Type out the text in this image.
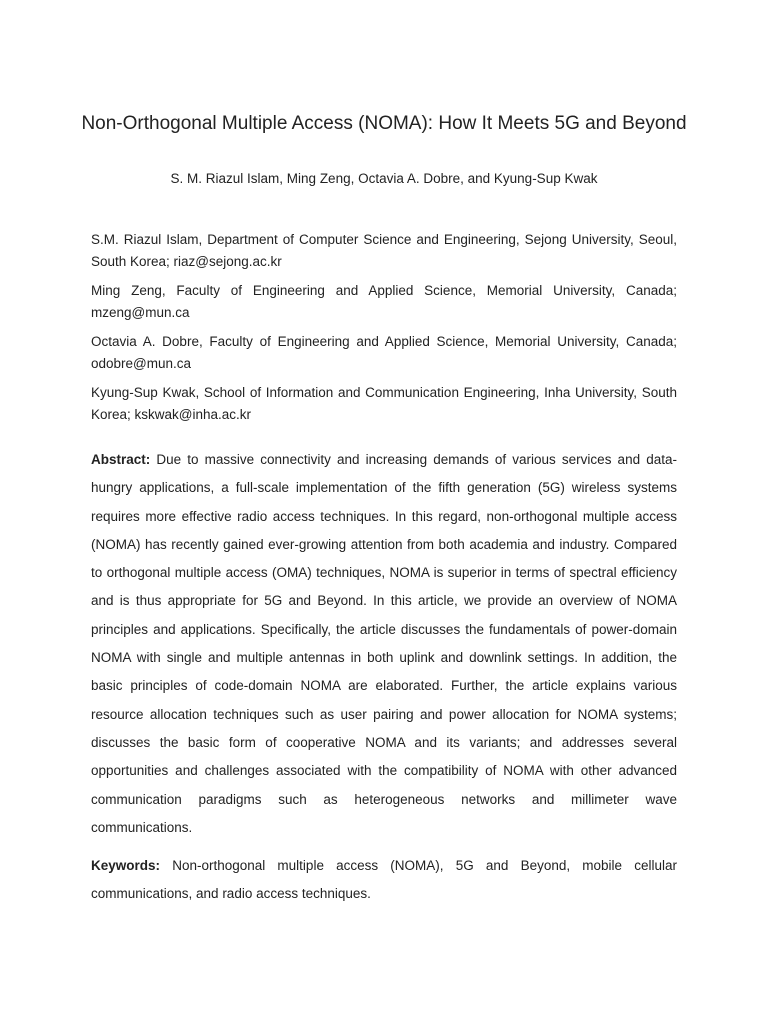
Non-Orthogonal Multiple Access (NOMA): How It Meets 5G and Beyond

S. M. Riazul Islam, Ming Zeng, Octavia A. Dobre, and Kyung-Sup Kwak

S.M. Riazul Islam, Department of Computer Science and Engineering, Sejong University, Seoul, South Korea; riaz@sejong.ac.kr

Ming Zeng, Faculty of Engineering and Applied Science, Memorial University, Canada; mzeng@mun.ca

Octavia A. Dobre, Faculty of Engineering and Applied Science, Memorial University, Canada; odobre@mun.ca

Kyung-Sup Kwak, School of Information and Communication Engineering, Inha University, South Korea; kskwak@inha.ac.kr

Abstract: Due to massive connectivity and increasing demands of various services and data-hungry applications, a full-scale implementation of the fifth generation (5G) wireless systems requires more effective radio access techniques. In this regard, non-orthogonal multiple access (NOMA) has recently gained ever-growing attention from both academia and industry. Compared to orthogonal multiple access (OMA) techniques, NOMA is superior in terms of spectral efficiency and is thus appropriate for 5G and Beyond. In this article, we provide an overview of NOMA principles and applications. Specifically, the article discusses the fundamentals of power-domain NOMA with single and multiple antennas in both uplink and downlink settings. In addition, the basic principles of code-domain NOMA are elaborated. Further, the article explains various resource allocation techniques such as user pairing and power allocation for NOMA systems; discusses the basic form of cooperative NOMA and its variants; and addresses several opportunities and challenges associated with the compatibility of NOMA with other advanced communication paradigms such as heterogeneous networks and millimeter wave communications.

Keywords: Non-orthogonal multiple access (NOMA), 5G and Beyond, mobile cellular communications, and radio access techniques.
